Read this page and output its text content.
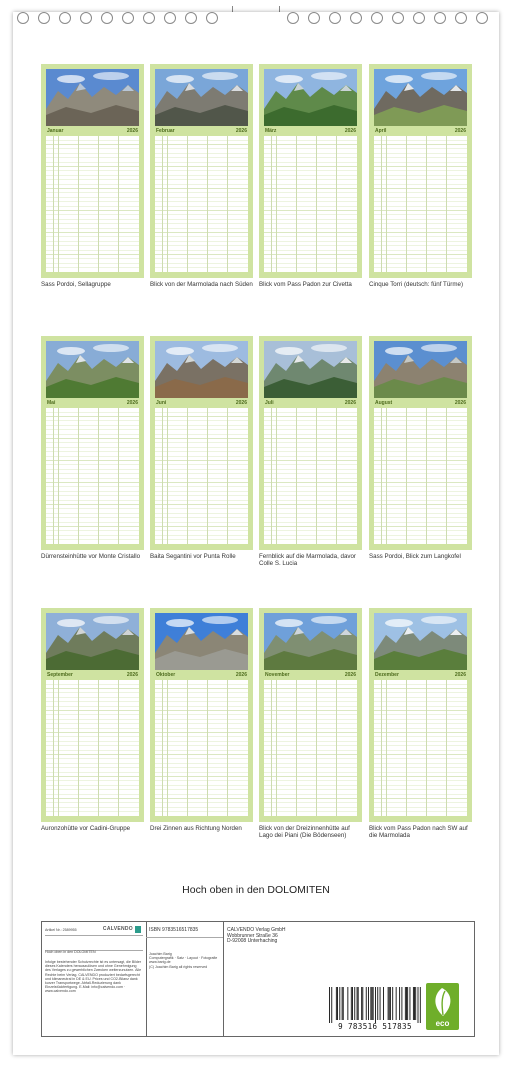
Januar	2026
Sass Pordoi, Sellagruppe
Februar	2026
Blick von der Marmolada nach Süden
März	2026
Blick vom Pass Padon zur Civetta
April	2026
Cinque Torri (deutsch: fünf Türme)
Mai	2026
Dürrensteinhütte vor Monte Cristallo
Juni	2026
Baita Segantini vor Punta Rolle
Juli	2026
Fernblick auf die Marmolada, davor Colle S. Lucia
August	2026
Sass Pordoi, Blick zum Langkofel
September	2026
Auronzohütte vor Cadini-Gruppe
Oktober	2026
Drei Zinnen aus Richtung Norden
November	2026
Blick von der Dreizinnenhütte auf Lago dei Piani (Die Bödenseen)
Dezember	2026
Blick vom Pass Padon nach SW auf die Marmolada
Hoch oben in den DOLOMITEN
Artikel Nr.: 2589955	CALVENDO
Hoch oben in den DOLOMITEN
Infolge bestehender Schutzrechte ist es untersagt, die Bilder dieses Kalenders herauszulösen und ohne Genehmigung des Verlages zu gewerblichen Zwecken weiterzunutzen. Alle Rechte beim Verlag. CALVENDO produziert bedarfsgerecht und klimaneutral in DE & EU. Prices und CO2-Bilanz dank kurzer Transportwege. Abfall-Reduzierung dank Einzelstückfertigung. E-Mail: info@calvendo.com · www.calvendo.com
ISBN 9783516517835
Joachim Barig
Computergrafik · Satz · Layout · Fotografie
www.barig.de
(C) Joachim Barig all rights reserved
CALVENDO Verlag GmbH
Wobbrunner Straße 36
D-92008 Unterhaching
9 783516 517835	eco
